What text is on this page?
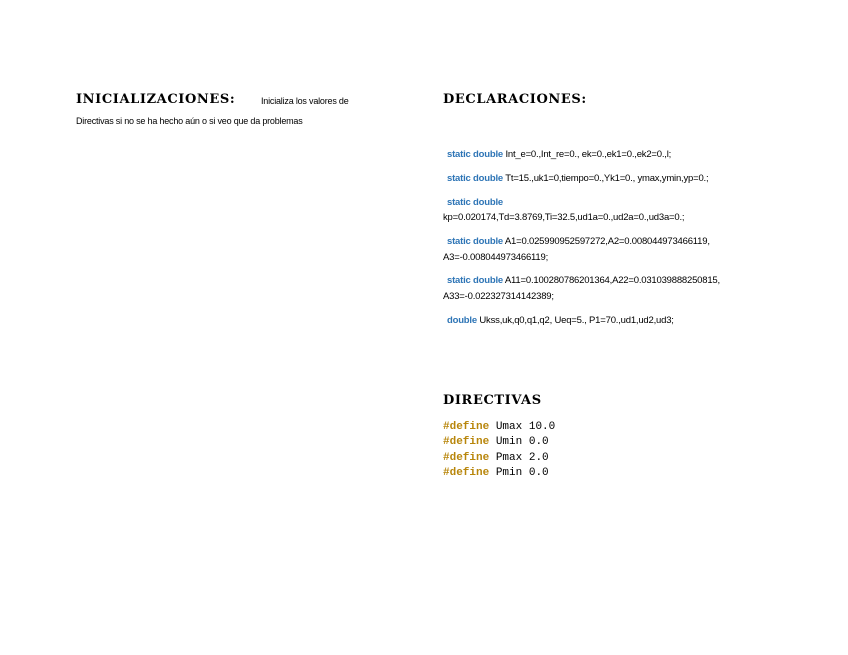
INICIALIZACIONES:	Inicializa los valores de
Directivas si no se ha hecho aún o si veo que da problemas
DECLARACIONES:
static double Int_e=0.,Int_re=0., ek=0.,ek1=0.,ek2=0.,l;
static double Tt=15.,uk1=0,tiempo=0.,Yk1=0., ymax,ymin,yp=0.;
static double
kp=0.020174,Td=3.8769,Ti=32.5,ud1a=0.,ud2a=0.,ud3a=0.;
static double A1=0.025990952597272,A2=0.008044973466119,
A3=-0.008044973466119;
static double A11=0.100280786201364,A22=0.031039888250815,
A33=-0.022327314142389;
double Ukss,uk,q0,q1,q2, Ueq=5., P1=70.,ud1,ud2,ud3;
DIRECTIVAS
#define Umax 10.0
#define Umin 0.0
#define Pmax 2.0
#define Pmin 0.0
